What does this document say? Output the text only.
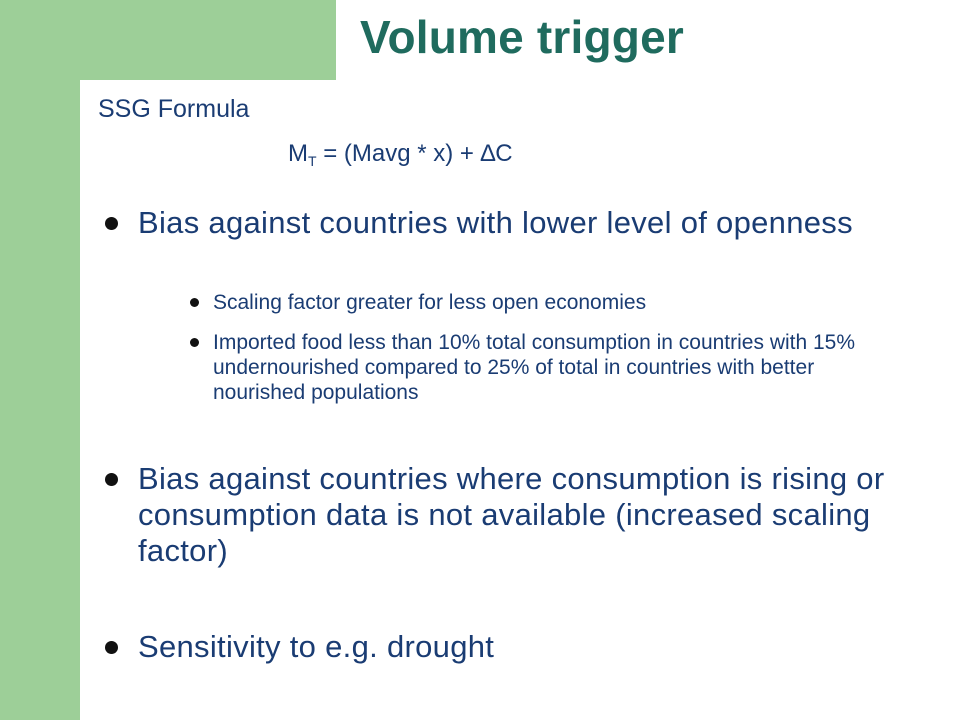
Volume trigger
SSG Formula
$M_T$ = (Mavg * x) + ∆C
Bias against countries with lower level of openness
Scaling factor greater for less open economies
Imported food less than 10% total consumption in countries with 15% undernourished compared to 25% of total in countries with better nourished populations
Bias against countries where consumption is rising or consumption data is not available (increased scaling factor)
Sensitivity to e.g. drought
